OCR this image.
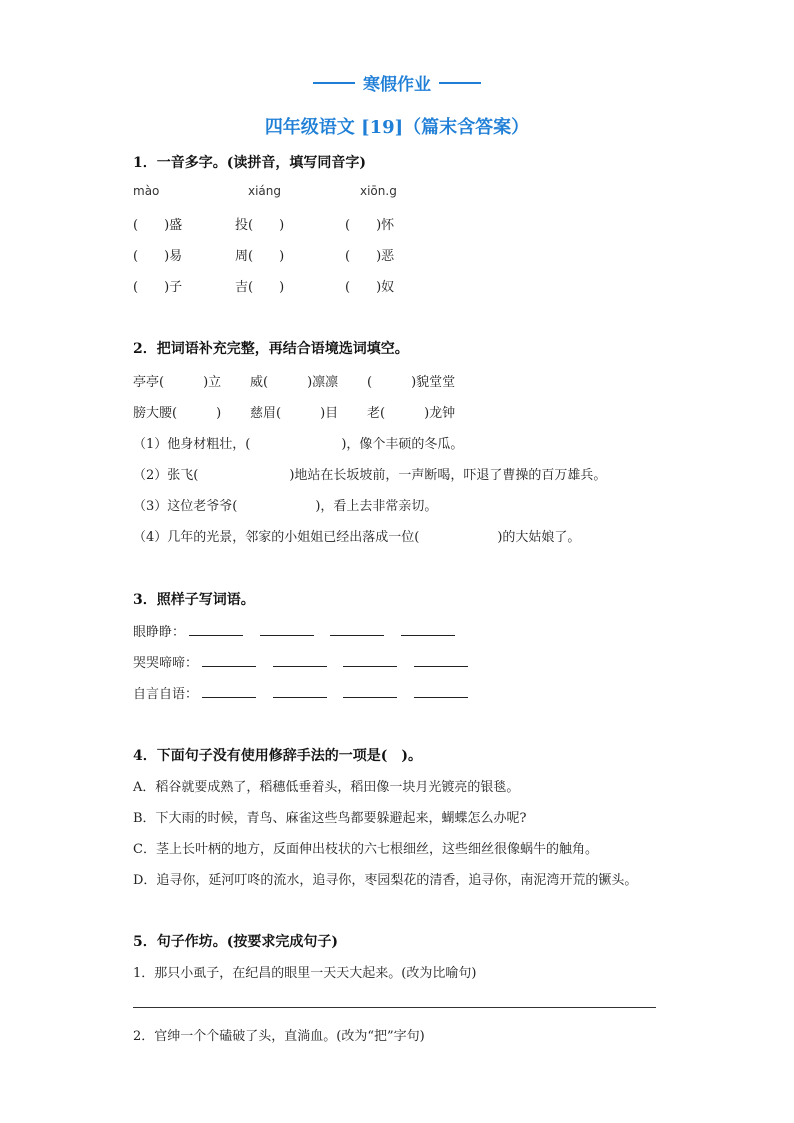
寒假作业
四年级语文 [19]（篇末含答案）
1．一音多字。(读拼音，填写同音字)
mào	xiáng	xiōn.g
(　　)盛	投(　　)	(　　)怀
(　　)易	周(　　)	(　　)恶
(　　)子	吉(　　)	(　　)奴
2．把词语补充完整，再结合语境选词填空。
亭亭(　　　)立 威(　　　)凛凛 (　　　)貌堂堂
膀大腰(　　　) 慈眉(　　　)目 老(　　　)龙钟
（1）他身材粗壮，(　　　　　　　)，像个丰硕的冬瓜。
（2）张飞(　　　　　　　)地站在长坂坡前，一声断喝，吓退了曹操的百万雄兵。
（3）这位老爷爷(　　　　　　)，看上去非常亲切。
（4）几年的光景，邻家的小姐姐已经出落成一位(　　　　　　)的大姑娘了。
3．照样子写词语。
眼睁睁：
哭哭啼啼：
自言自语：
4．下面句子没有使用修辞手法的一项是(　)。
A．稻谷就要成熟了，稻穗低垂着头，稻田像一块月光镀亮的银毯。
B．下大雨的时候，青鸟、麻雀这些鸟都要躲避起来，蝴蝶怎么办呢?
C．茎上长叶柄的地方，反面伸出枝状的六七根细丝，这些细丝很像蜗牛的触角。
D．追寻你，延河叮咚的流水，追寻你，枣园梨花的清香，追寻你，南泥湾开荒的镢头。
5．句子作坊。(按要求完成句子)
1．那只小虱子，在纪昌的眼里一天天大起来。(改为比喻句)
2．官绅一个个磕破了头，直淌血。(改为“把”字句)
